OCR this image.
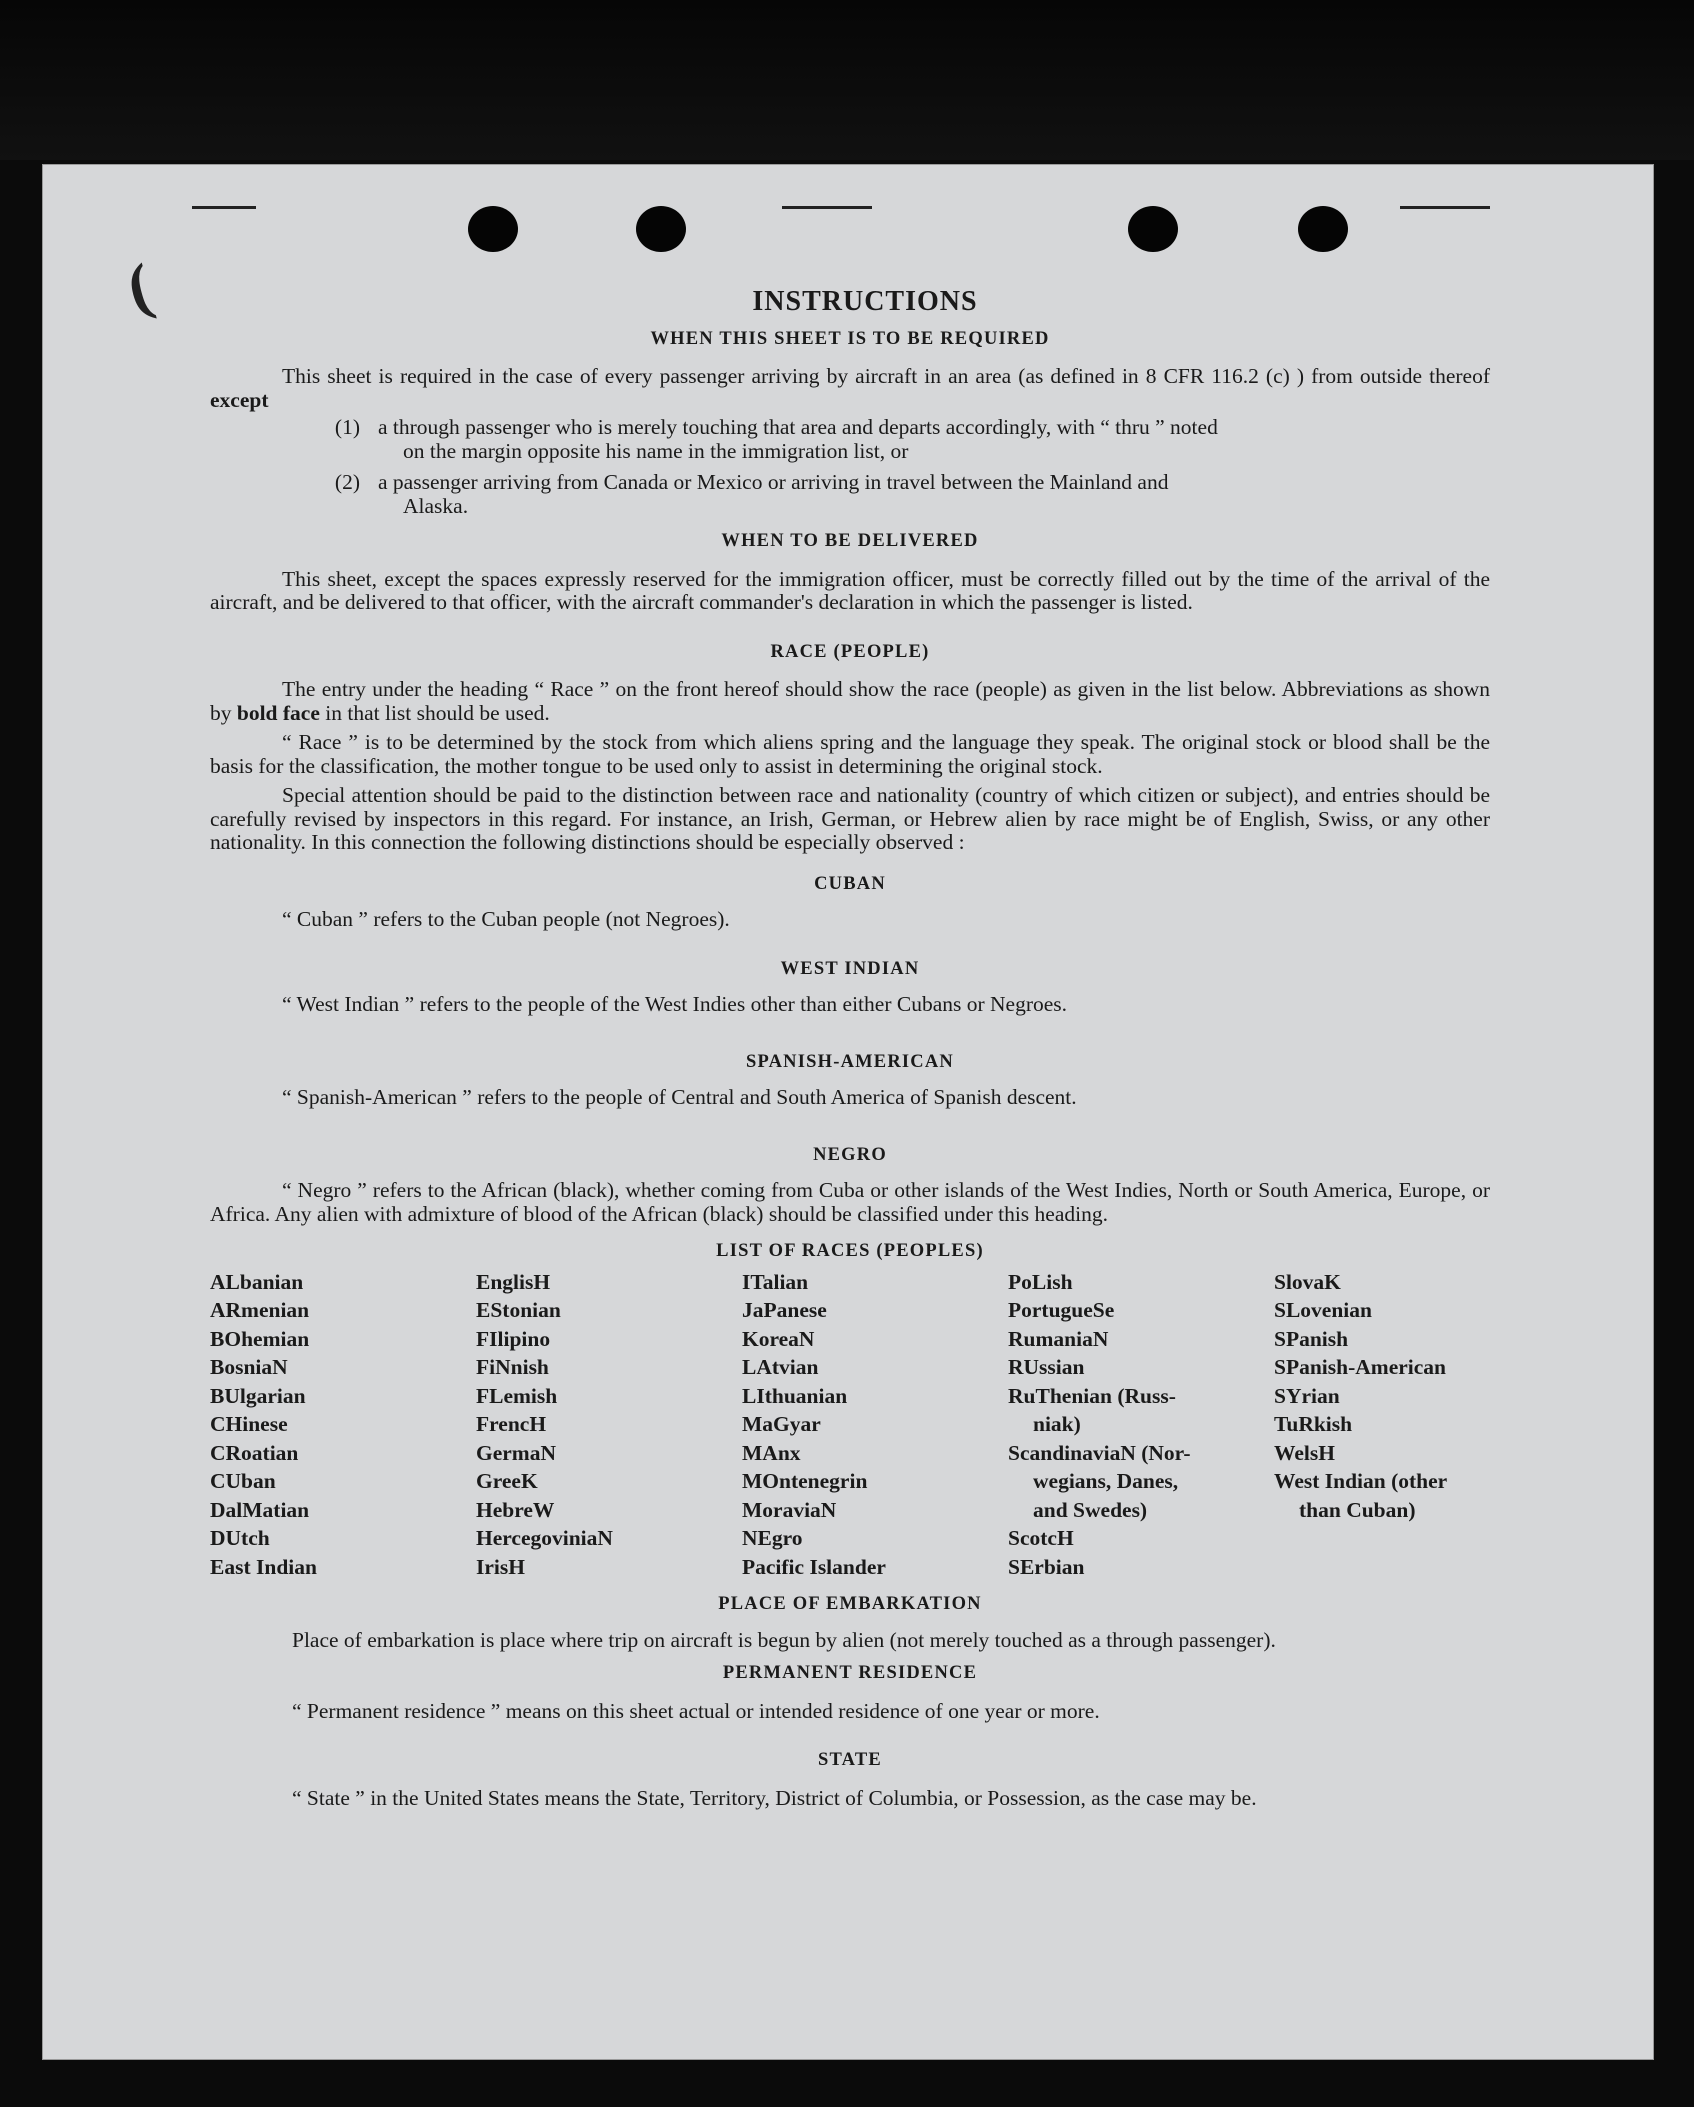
(	INSTRUCTIONS
WHEN THIS SHEET IS TO BE REQUIRED

This sheet is required in the case of every passenger arriving by aircraft in an area (as defined in 8 CFR 116.2 (c) ) from outside thereof except

(1) a through passenger who is merely touching that area and departs accordingly, with “ thru ” noted
on the margin opposite his name in the immigration list, or
(2) a passenger arriving from Canada or Mexico or arriving in travel between the Mainland and
Alaska.
WHEN TO BE DELIVERED

This sheet, except the spaces expressly reserved for the immigration officer, must be correctly filled out by the time of the arrival of the aircraft, and be delivered to that officer, with the aircraft commander's declaration in which the passenger is listed.

RACE (PEOPLE)

The entry under the heading “ Race ” on the front hereof should show the race (people) as given in the list below. Abbreviations as shown by bold face in that list should be used.

“ Race ” is to be determined by the stock from which aliens spring and the language they speak. The original stock or blood shall be the basis for the classification, the mother tongue to be used only to assist in determining the original stock.

Special attention should be paid to the distinction between race and nationality (country of which citizen or subject), and entries should be carefully revised by inspectors in this regard. For instance, an Irish, German, or Hebrew alien by race might be of English, Swiss, or any other nationality. In this connection the following distinctions should be especially observed :

CUBAN

“ Cuban ” refers to the Cuban people (not Negroes).

WEST INDIAN

“ West Indian ” refers to the people of the West Indies other than either Cubans or Negroes.

SPANISH-AMERICAN

“ Spanish-American ” refers to the people of Central and South America of Spanish descent.

NEGRO

“ Negro ” refers to the African (black), whether coming from Cuba or other islands of the West Indies, North or South America, Europe, or Africa. Any alien with admixture of blood of the African (black) should be classified under this heading.

LIST OF RACES (PEOPLES)
ALbanian
ARmenian
BOhemian
BosniaN
BUlgarian
CHinese
CRoatian
CUban
DalMatian
DUtch
East Indian
EnglisH
EStonian
FIlipino
FiNnish
FLemish
FrencH
GermaN
GreeK
HebreW
HercegoviniaN
IrisH
ITalian
JaPanese
KoreaN
LAtvian
LIthuanian
MaGyar
MAnx
MOntenegrin
MoraviaN
NEgro
Pacific Islander
PoLish
PortugueSe
RumaniaN
RUssian
RuThenian (Russ-
niak)
ScandinaviaN (Nor-
wegians, Danes,
and Swedes)
ScotcH
SErbian
SlovaK
SLovenian
SPanish
SPanish-American
SYrian
TuRkish
WelsH
West Indian (other
than Cuban)
PLACE OF EMBARKATION

Place of embarkation is place where trip on aircraft is begun by alien (not merely touched as a through passenger).

PERMANENT RESIDENCE

“ Permanent residence ” means on this sheet actual or intended residence of one year or more.

STATE

“ State ” in the United States means the State, Territory, District of Columbia, or Possession, as the case may be.
